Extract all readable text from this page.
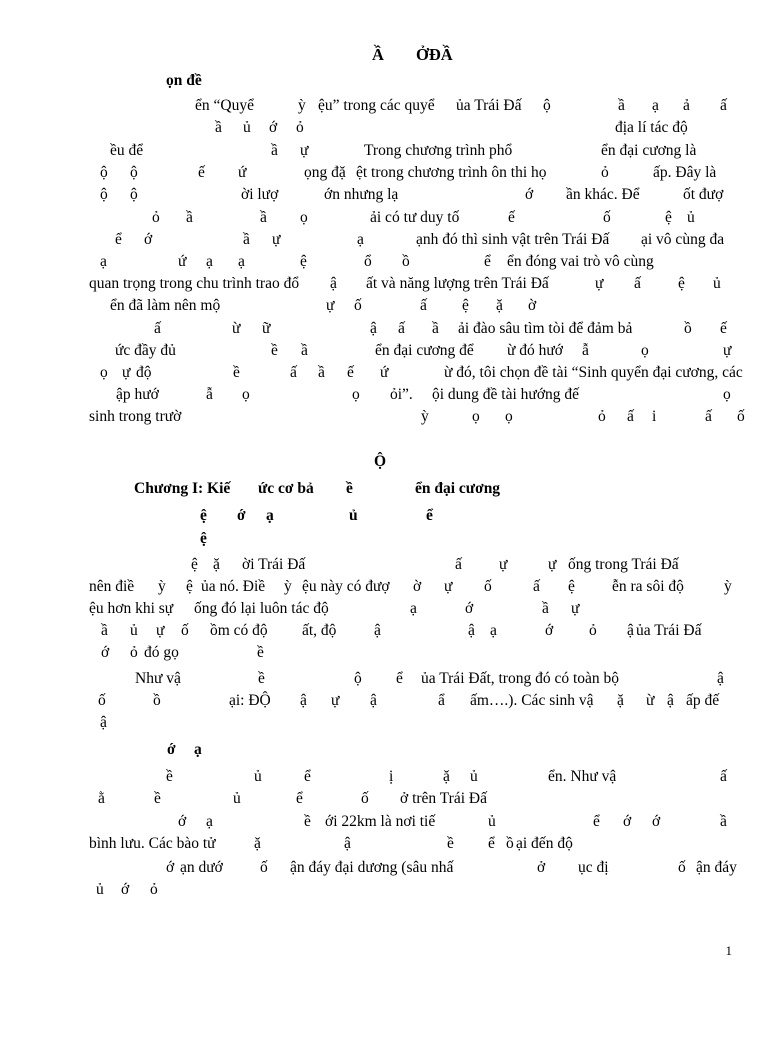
Ầ

ỞĐẦ

ọn đề

ển “Quyể

	ỳ

ệu” trong các quyể

ủa Trái Đấ

ộ

	ầ

ạ

ả

ấ

ầ

ủ

ớ

ỏ

	địa lí tác độ

ều để

	ầ

ự

	Trong chương trình phổ

	ển đại cương là

ộ

ộ

	ế

ứ

	ọng đặ

ệt trong chương trình ôn thi họ

	ỏ

	ấp. Đây là

ộ

ộ

	ời lượ

	ớn nhưng lạ

	ớ

ần khác. Để

	ốt đượ

ỏ

ầ

	ầ

ọ

	ải có tư duy tố

	ế

	ố

	ệ

ủ

ể

ớ

	ầ

ự

	ạ

	ạnh đó thì sinh vật trên Trái Đấ

ại vô cùng đa

ạ

	ứ

ạ

ạ

	ệ

	ổ

ồ

	ể

ển đóng vai trò vô cùng

quan trọng trong chu trình trao đổ

ậ

ất và năng lượng trên Trái Đấ

	ự

ấ

ệ

ủ

ển đã làm nên mộ

	ự

ố

	ấ

ệ

ặ

ờ

ấ

	ừ

ữ

	ậ

ấ

ầ

ải đào sâu tìm tòi để đảm bả

	ồ

ế

ức đầy đủ

	ề

ầ

	ển đại cương để

ừ đó hướ

ẫ

	ọ

	ự

ọ

ự

độ

	ề

	ấ

ầ

ế

ứ

	ừ đó, tôi chọn đề tài “Sinh quyển đại cương, các

ập hướ

	ẫ

ọ

	ọ

ỏi”.

ội dung đề tài hướng đế

	ọ

sinh trong trườ

	ỳ

	ọ

ọ

	ỏ

ấ

i

	ấ

ố

Ộ

Chương I: Kiế

ức cơ bả

ề

	ển đại cương

ệ

ớ

ạ

	ủ

	ể

ệ

ệ

ặ

ời Trái Đấ

	ấ

ự

	ự

ống trong Trái Đấ

nên điề

ỳ

ệ

ủa nó. Điề

ỳ

ệu này có đượ

ờ

ự

ố

	ấ

ệ

ễn ra sôi độ

	ỳ

ệu hơn khi sự

ống đó lại luôn tác độ

	ạ

	ớ

	ầ

ự

ầ

ủ

ự

ố

ồm có độ

ất, độ

ậ

	ậ

ạ

	ớ

ỏ

ậ

ủa Trái Đấ

ớ

ỏ

đó gọ

	ề

Như vậ

	ề

	ộ

ể

ủa Trái Đất, trong đó có toàn bộ

	ậ

ố

	ồ

	ại: ĐỘ

ậ

ự

ậ

	ẩ

ấm….). Các sinh vậ

ặ

ừ

ậ

ấp đế

ậ

ớ

ạ

ề

	ủ

	ể

	ị

	ặ

ủ

	ển. Như vậ

	ấ

ằ

	ề

	ủ

	ể

	ố

ở trên Trái Đấ

ớ

ạ

	ề

ới 22km là nơi tiế

	ủ

	ể

ớ

ớ

	ầ

bình lưu. Các bào tử

ặ

	ậ

	ề

ể

ồ

ại đến độ

ớ

ạn dướ

ố

ận đáy đại dương (sâu nhấ

	ở

ục đị

	ố

ận đáy

ủ

ớ

ỏ

1
